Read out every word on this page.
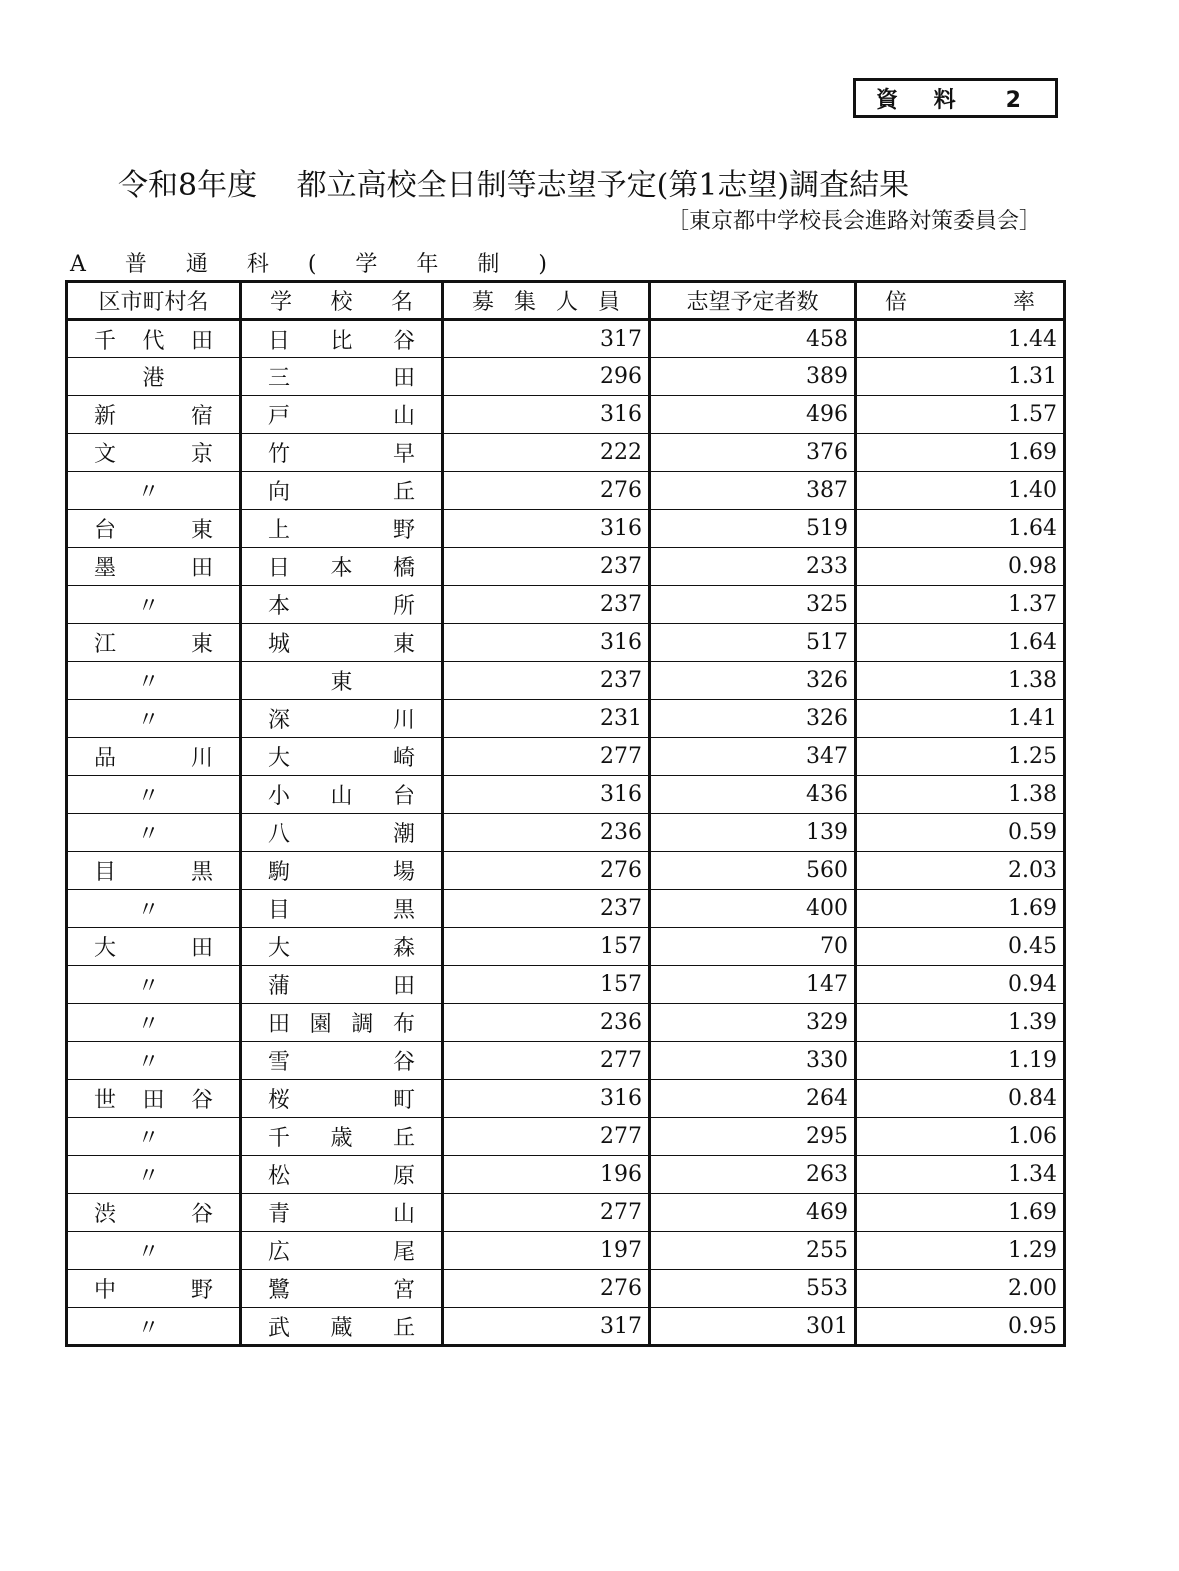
資 料　2
令和8年度　 都立高校全日制等志望予定(第1志望)調査結果
［東京都中学校長会進路対策委員会］
A 普 通 科 ( 学 年 制 )
区市町村名	学 校 名	募 集 人 員	志望予定者数	倍 率

千 代 田	日 比 谷	317	458	1.44

港	三 田	296	389	1.31

新 宿	戸 山	316	496	1.57

文 京	竹 早	222	376	1.69

〃	向 丘	276	387	1.40

台 東	上 野	316	519	1.64

墨 田	日 本 橋	237	233	0.98

〃	本 所	237	325	1.37

江 東	城 東	316	517	1.64

〃	東	237	326	1.38

〃	深 川	231	326	1.41

品 川	大 崎	277	347	1.25

〃	小 山 台	316	436	1.38

〃	八 潮	236	139	0.59

目 黒	駒 場	276	560	2.03

〃	目 黒	237	400	1.69

大 田	大 森	157	70	0.45

〃	蒲 田	157	147	0.94

〃	田 園 調 布	236	329	1.39

〃	雪 谷	277	330	1.19

世 田 谷	桜 町	316	264	0.84

〃	千 歳 丘	277	295	1.06

〃	松 原	196	263	1.34

渋 谷	青 山	277	469	1.69

〃	広 尾	197	255	1.29

中 野	鷺 宮	276	553	2.00

〃	武 蔵 丘	317	301	0.95
